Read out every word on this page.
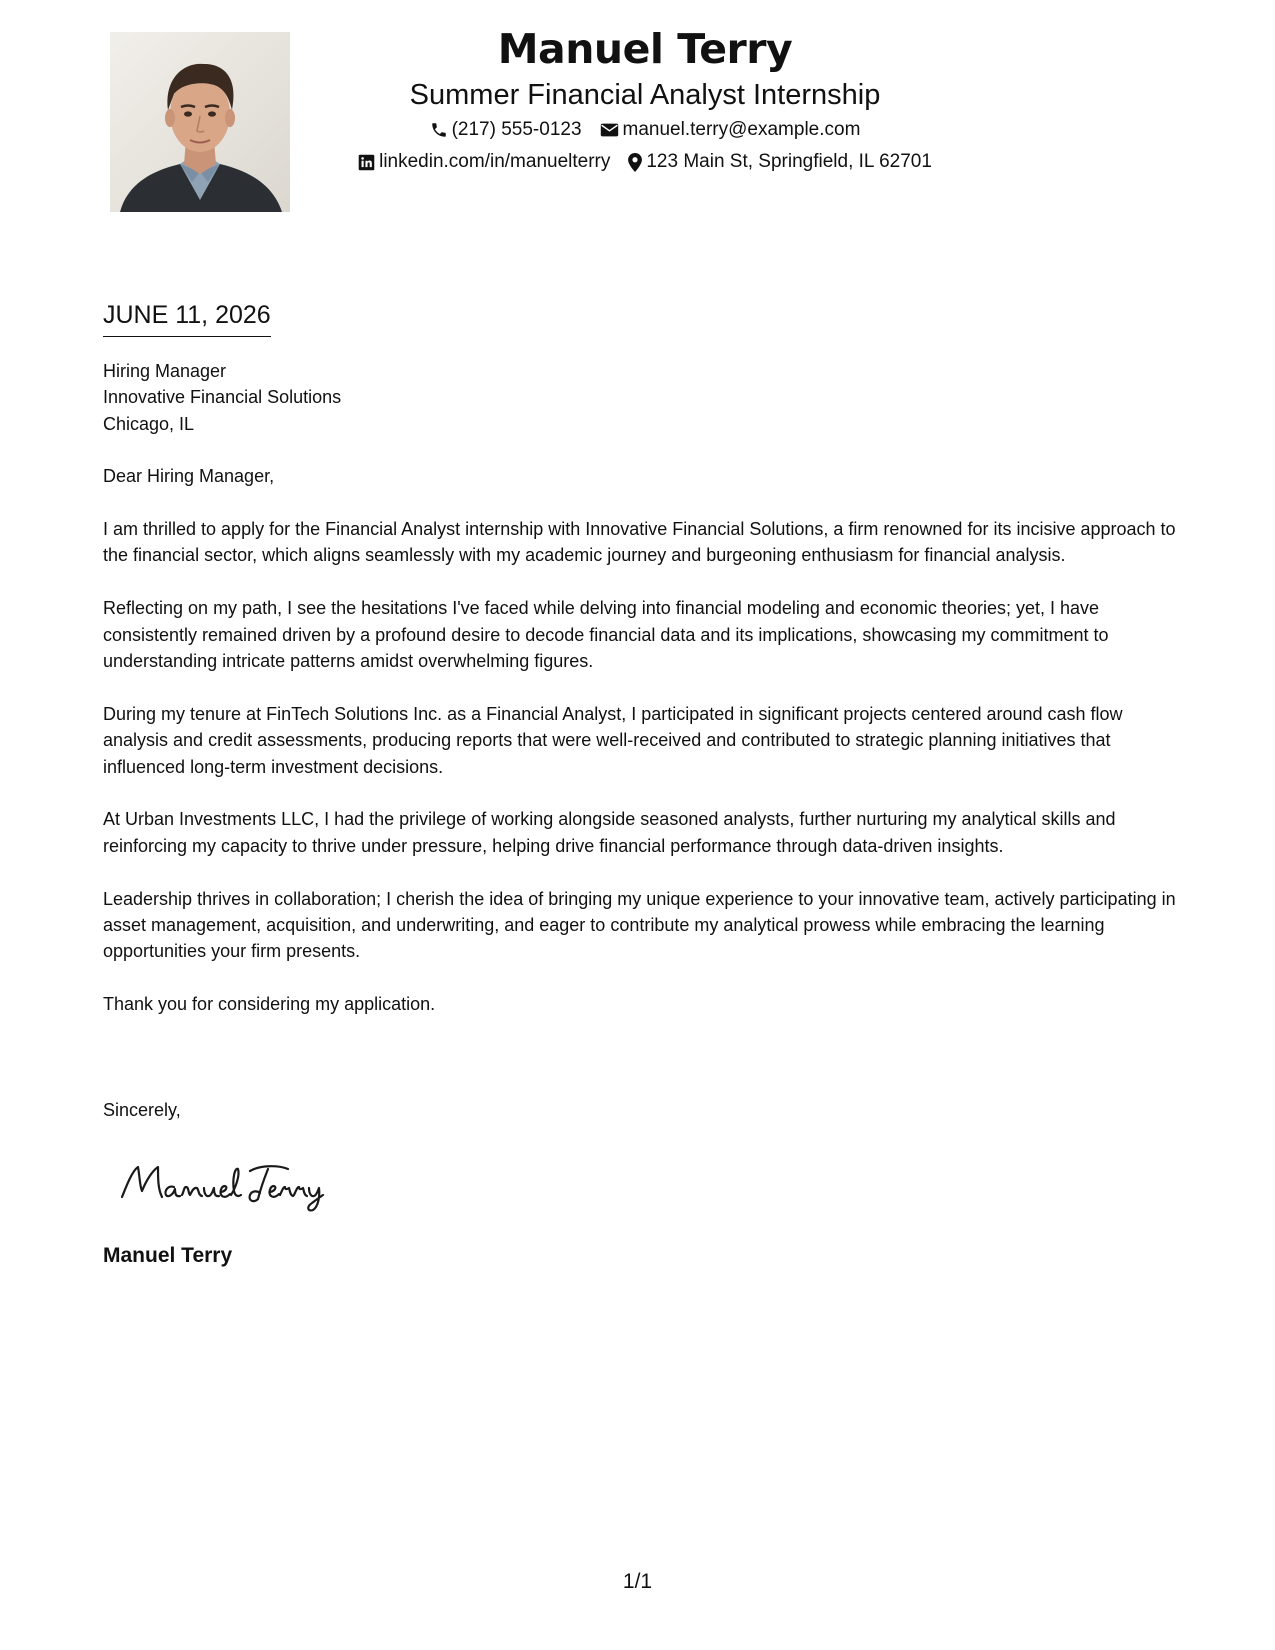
Manuel Terry
Summer Financial Analyst Internship
(217) 555-0123 manuel.terry@example.com
linkedin.com/in/manuelterry 123 Main St, Springfield, IL 62701
JUNE 11, 2026

Hiring Manager

Innovative Financial Solutions

Chicago, IL

Dear Hiring Manager,

I am thrilled to apply for the Financial Analyst internship with Innovative Financial Solutions, a firm renowned for its incisive approach to the financial sector, which aligns seamlessly with my academic journey and burgeoning enthusiasm for financial analysis.

Reflecting on my path, I see the hesitations I've faced while delving into financial modeling and economic theories; yet, I have consistently remained driven by a profound desire to decode financial data and its implications, showcasing my commitment to understanding intricate patterns amidst overwhelming figures.

During my tenure at FinTech Solutions Inc. as a Financial Analyst, I participated in significant projects centered around cash flow analysis and credit assessments, producing reports that were well-received and contributed to strategic planning initiatives that influenced long-term investment decisions.

At Urban Investments LLC, I had the privilege of working alongside seasoned analysts, further nurturing my analytical skills and reinforcing my capacity to thrive under pressure, helping drive financial performance through data-driven insights.

Leadership thrives in collaboration; I cherish the idea of bringing my unique experience to your innovative team, actively participating in asset management, acquisition, and underwriting, and eager to contribute my analytical prowess while embracing the learning opportunities your firm presents.

Thank you for considering my application.

Sincerely,
Manuel Terry
1/1
